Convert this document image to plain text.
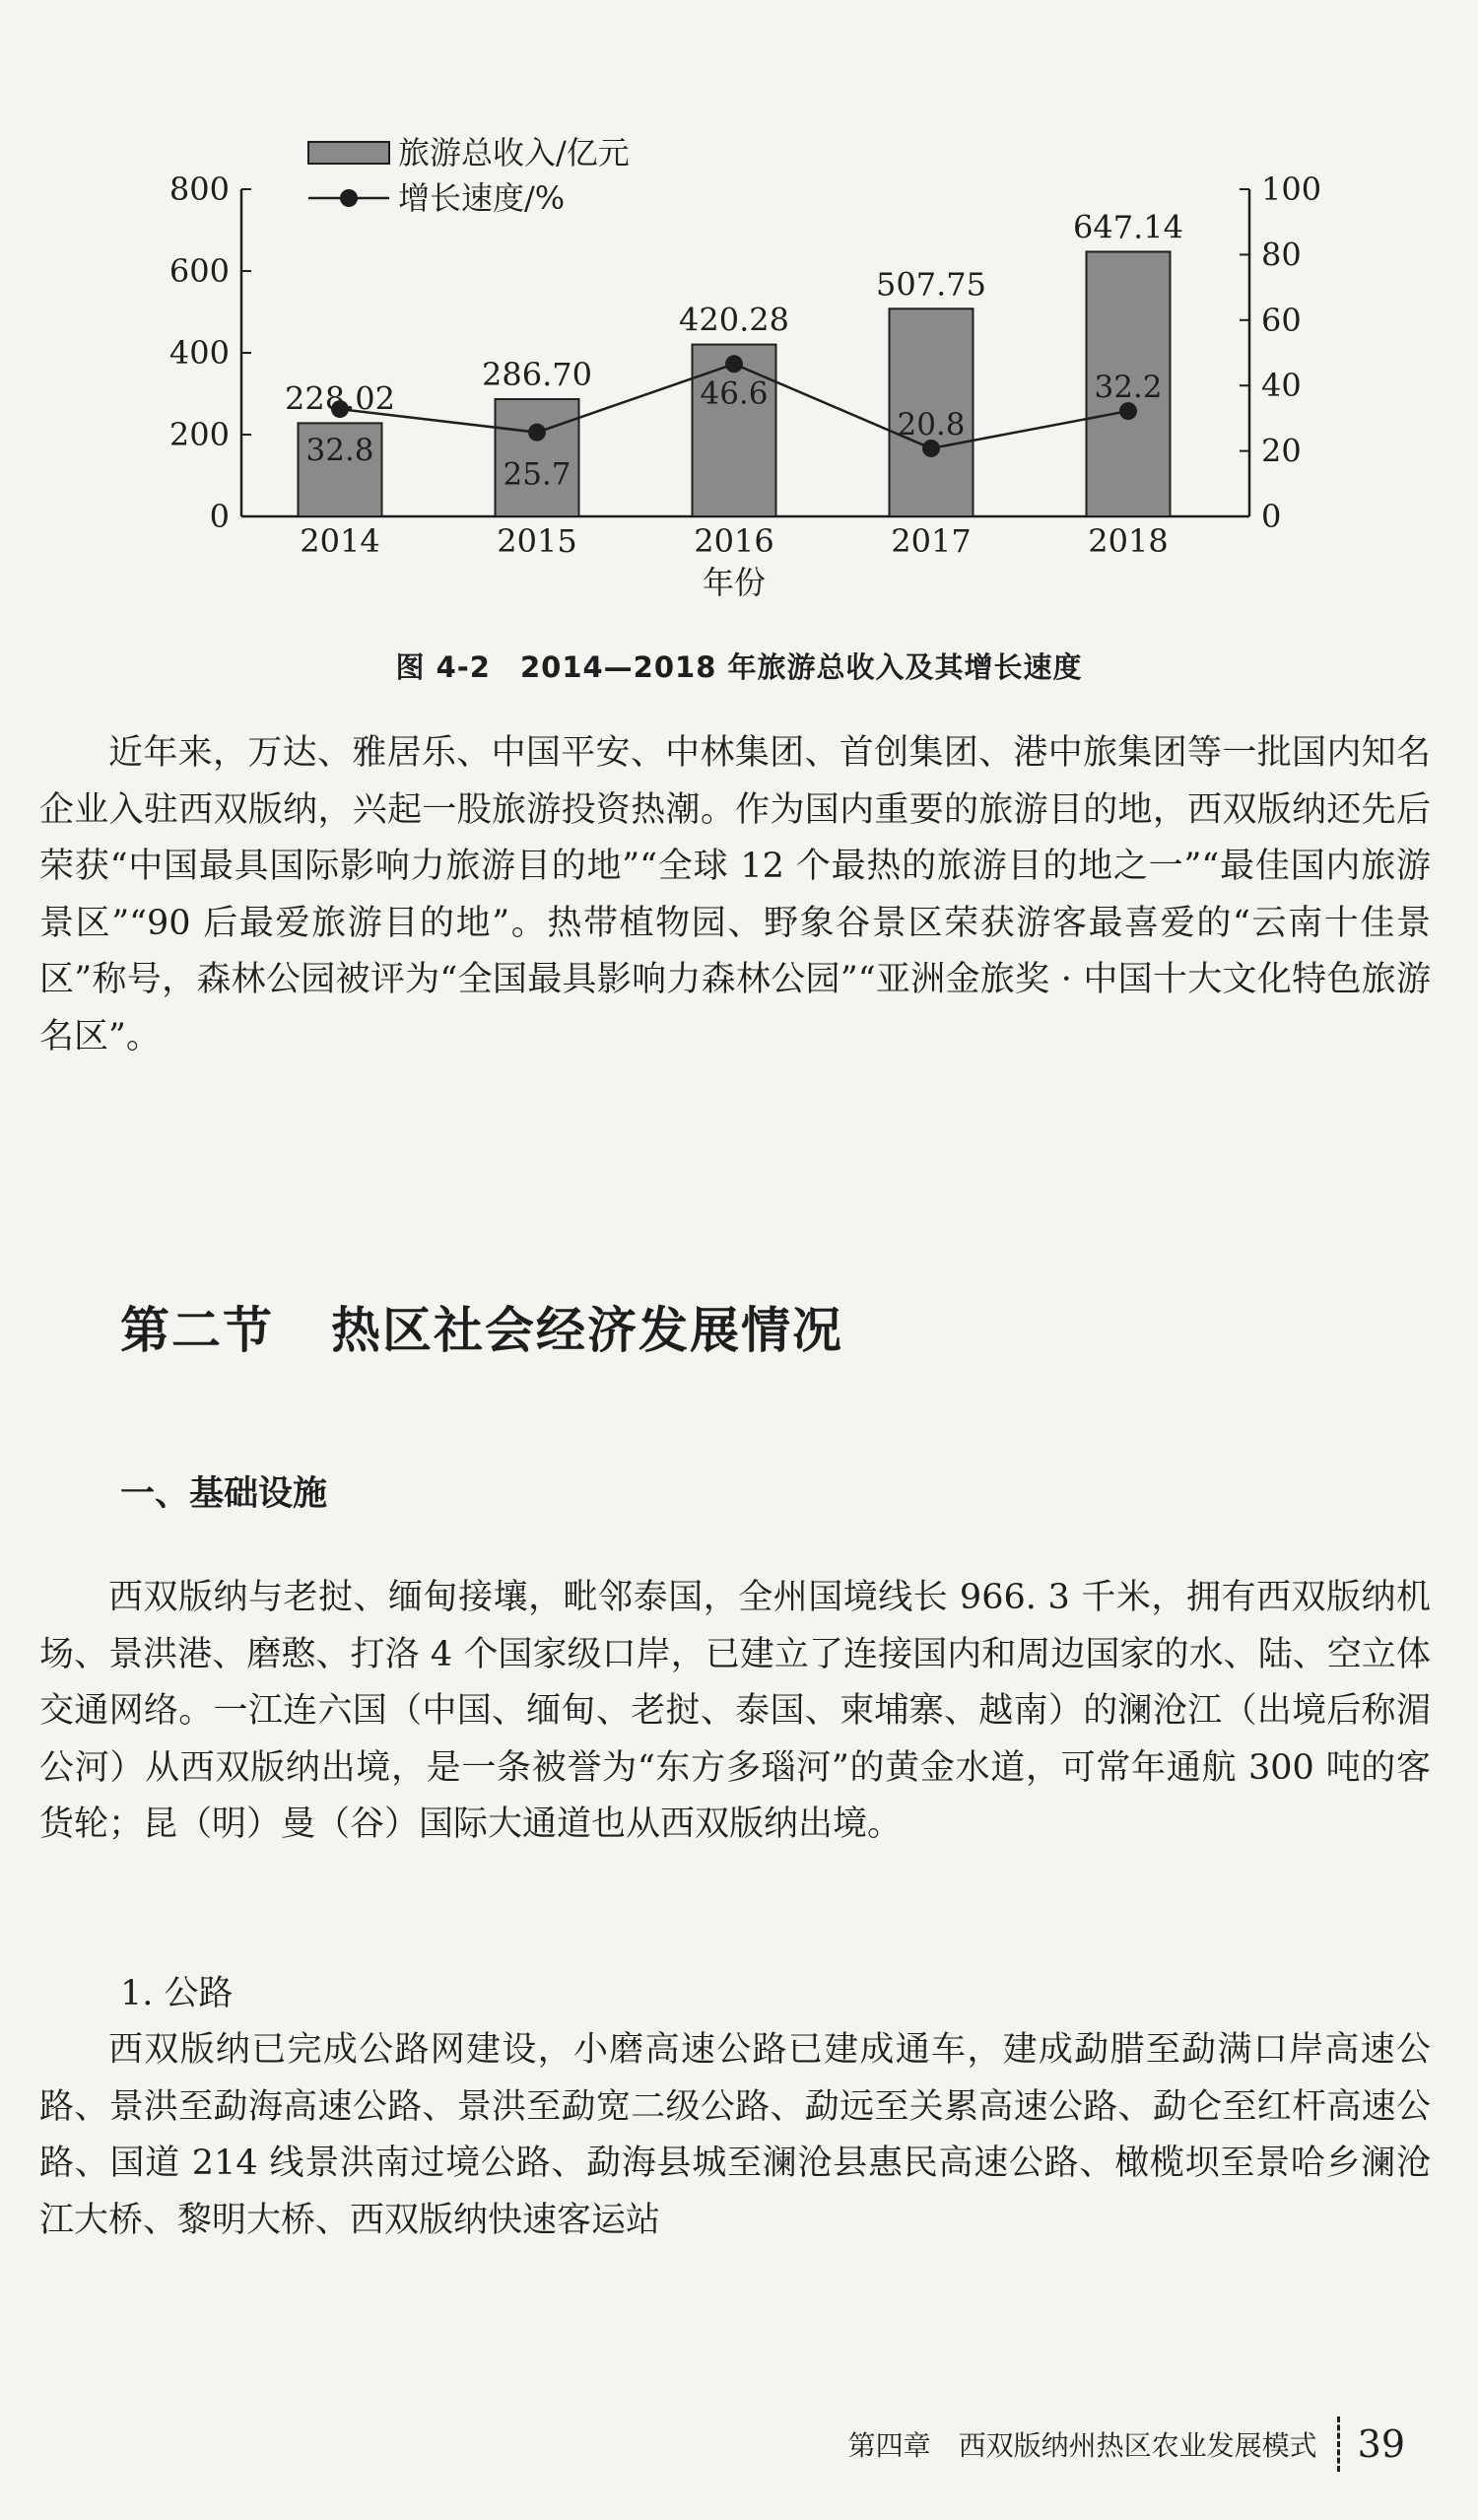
0
200
400
600
800
0
20
40
60
80
100
228.02
286.70
420.28
507.75
647.14
2014	2015	2016	2017	2018
年份
32.8
25.7
46.6
20.8
32.2
旅游总收入/亿元
增长速度/%
图 4-2　2014—2018 年旅游总收入及其增长速度

近年来，万达、雅居乐、中国平安、中林集团、首创集团、港中旅集团等一批国内知名企业入驻西双版纳，兴起一股旅游投资热潮。作为国内重要的旅游目的地，西双版纳还先后荣获“中国最具国际影响力旅游目的地”“全球 12 个最热的旅游目的地之一”“最佳国内旅游景区”“90 后最爱旅游目的地”。热带植物园、野象谷景区荣获游客最喜爱的“云南十佳景区”称号，森林公园被评为“全国最具影响力森林公园”“亚洲金旅奖 · 中国十大文化特色旅游名区”。

第二节 热区社会经济发展情况
一、基础设施

西双版纳与老挝、缅甸接壤，毗邻泰国，全州国境线长 966. 3 千米，拥有西双版纳机场、景洪港、磨憨、打洛 4 个国家级口岸，已建立了连接国内和周边国家的水、陆、空立体交通网络。一江连六国（中国、缅甸、老挝、泰国、柬埔寨、越南）的澜沧江（出境后称湄公河）从西双版纳出境，是一条被誉为“东方多瑙河”的黄金水道，可常年通航 300 吨的客货轮；昆（明）曼（谷）国际大通道也从西双版纳出境。

1. 公路

西双版纳已完成公路网建设，小磨高速公路已建成通车，建成勐腊至勐满口岸高速公路、景洪至勐海高速公路、景洪至勐宽二级公路、勐远至关累高速公路、勐仑至红杆高速公路、国道 214 线景洪南过境公路、勐海县城至澜沧县惠民高速公路、橄榄坝至景哈乡澜沧江大桥、黎明大桥、西双版纳快速客运站

第四章　西双版纳州热区农业发展模式 39
